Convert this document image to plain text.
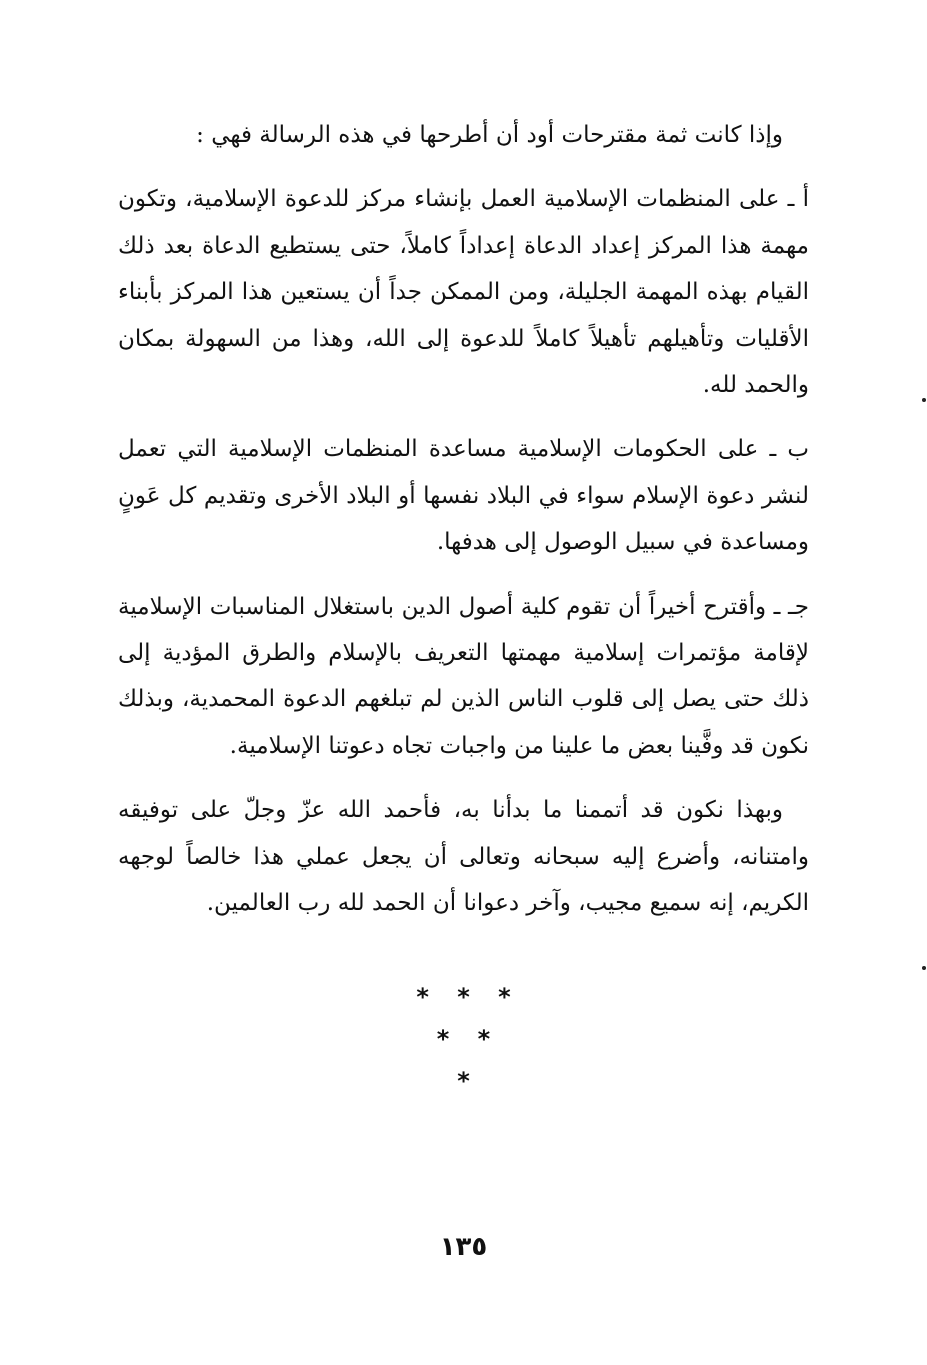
وإذا كانت ثمة مقترحات أود أن أطرحها في هذه الرسالة فهي :

أ ـ على المنظمات الإسلامية العمل بإنشاء مركز للدعوة الإسلامية، وتكون مهمة هذا المركز إعداد الدعاة إعداداً كاملاً، حتى يستطيع الدعاة بعد ذلك القيام بهذه المهمة الجليلة، ومن الممكن جداً أن يستعين هذا المركز بأبناء الأقليات وتأهيلهم تأهيلاً كاملاً للدعوة إلى الله، وهذا من السهولة بمكان والحمد لله.

ب ـ على الحكومات الإسلامية مساعدة المنظمات الإسلامية التي تعمل لنشر دعوة الإسلام سواء في البلاد نفسها أو البلاد الأخرى وتقديم كل عَونٍ ومساعدة في سبيل الوصول إلى هدفها.

جـ ـ وأقترح أخيراً أن تقوم كلية أصول الدين باستغلال المناسبات الإسلامية لإقامة مؤتمرات إسلامية مهمتها التعريف بالإسلام والطرق المؤدية إلى ذلك حتى يصل إلى قلوب الناس الذين لم تبلغهم الدعوة المحمدية، وبذلك نكون قد وفَّينا بعض ما علينا من واجبات تجاه دعوتنا الإسلامية.

وبهذا نكون قد أتممنا ما بدأنا به، فأحمد الله عزّ وجلّ على توفيقه وامتنانه، وأضرع إليه سبحانه وتعالى أن يجعل عملي هذا خالصاً لوجهه الكريم، إنه سميع مجيب، وآخر دعوانا أن الحمد لله رب العالمين.

* * *
* *
*
١٣٥
